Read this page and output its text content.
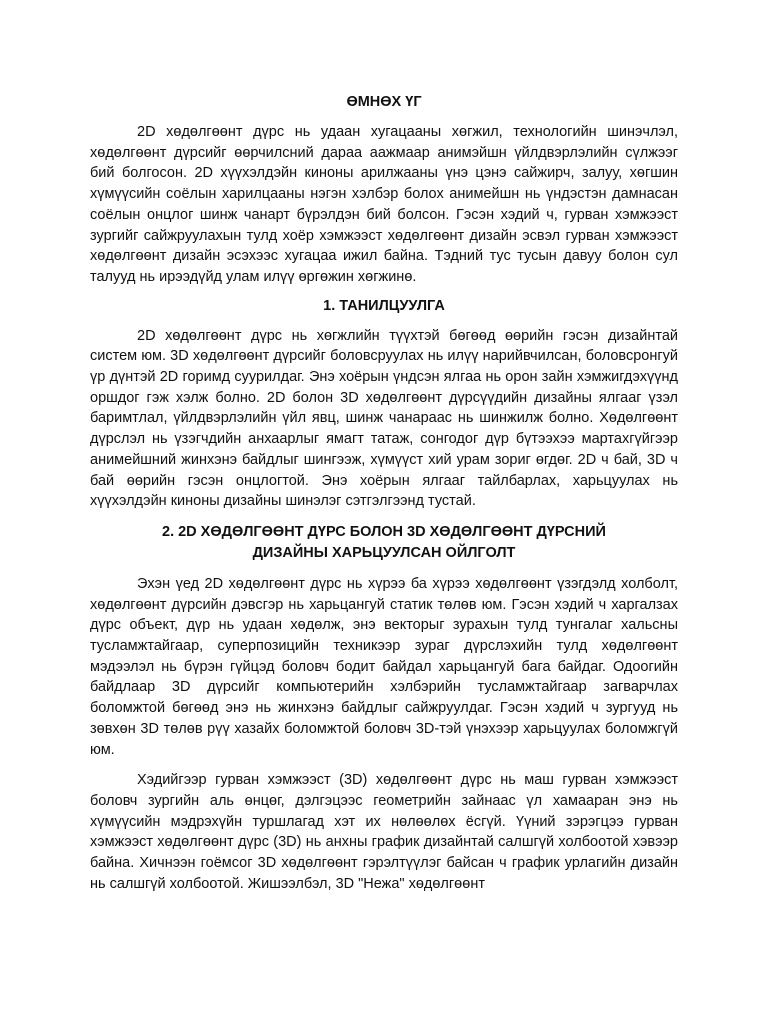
ӨМНӨХ ҮГ

2D хөдөлгөөнт дүрс нь удаан хугацааны хөгжил, технологийн шинэчлэл, хөдөлгөөнт дүрсийг өөрчилсний дараа аажмаар анимэйшн үйлдвэрлэлийн сүлжээг бий болгосон. 2D хүүхэлдэйн киноны арилжааны үнэ цэнэ сайжирч, залуу, хөгшин хүмүүсийн соёлын харилцааны нэгэн хэлбэр болох анимейшн нь үндэстэн дамнасан соёлын онцлог шинж чанарт бүрэлдэн бий болсон. Гэсэн хэдий ч, гурван хэмжээст зургийг сайжруулахын тулд хоёр хэмжээст хөдөлгөөнт дизайн эсвэл гурван хэмжээст хөдөлгөөнт дизайн эсэхээс хугацаа ижил байна. Тэдний тус тусын давуу болон сул талууд нь ирээдүйд улам илүү өргөжин хөгжинө.

1. ТАНИЛЦУУЛГА

2D хөдөлгөөнт дүрс нь хөгжлийн түүхтэй бөгөөд өөрийн гэсэн дизайнтай систем юм. 3D хөдөлгөөнт дүрсийг боловсруулах нь илүү нарийвчилсан, боловсронгуй үр дүнтэй 2D горимд суурилдаг. Энэ хоёрын үндсэн ялгаа нь орон зайн хэмжигдэхүүнд оршдог гэж хэлж болно. 2D болон 3D хөдөлгөөнт дүрсүүдийн дизайны ялгааг үзэл баримтлал, үйлдвэрлэлийн үйл явц, шинж чанараас нь шинжилж болно. Хөдөлгөөнт дүрслэл нь үзэгчдийн анхаарлыг ямагт татаж, сонгодог дүр бүтээхээ мартахгүйгээр анимейшний жинхэнэ байдлыг шингээж, хүмүүст хий урам зориг өгдөг. 2D ч бай, 3D ч бай өөрийн гэсэн онцлогтой. Энэ хоёрын ялгааг тайлбарлах, харьцуулах нь хүүхэлдэйн киноны дизайны шинэлэг сэтгэлгээнд тустай.

2. 2D ХӨДӨЛГӨӨНТ ДҮРС БОЛОН 3D ХӨДӨЛГӨӨНТ ДҮРСНИЙ
ДИЗАЙНЫ ХАРЬЦУУЛСАН ОЙЛГОЛТ

Эхэн үед 2D хөдөлгөөнт дүрс нь хүрээ ба хүрээ хөдөлгөөнт үзэгдэлд холболт, хөдөлгөөнт дүрсийн дэвсгэр нь харьцангуй статик төлөв юм. Гэсэн хэдий ч харгалзах дүрс объект, дүр нь удаан хөдөлж, энэ векторыг зурахын тулд тунгалаг хальсны тусламжтайгаар, суперпозицийн техникээр зураг дүрслэхийн тулд хөдөлгөөнт мэдээлэл нь бүрэн гүйцэд боловч бодит байдал харьцангуй бага байдаг. Одоогийн байдлаар 3D дүрсийг компьютерийн хэлбэрийн тусламжтайгаар загварчлах боломжтой бөгөөд энэ нь жинхэнэ байдлыг сайжруулдаг. Гэсэн хэдий ч зургууд нь зөвхөн 3D төлөв рүү хазайх боломжтой боловч 3D-тэй үнэхээр харьцуулах боломжгүй юм.

Хэдийгээр гурван хэмжээст (3D) хөдөлгөөнт дүрс нь маш гурван хэмжээст боловч зургийн аль өнцөг, дэлгэцээс геометрийн зайнаас үл хамааран энэ нь хүмүүсийн мэдрэхүйн туршлагад хэт их нөлөөлөх ёсгүй. Үүний зэрэгцээ гурван хэмжээст хөдөлгөөнт дүрс (3D) нь анхны график дизайнтай салшгүй холбоотой хэвээр байна. Хичнээн гоёмсог 3D хөдөлгөөнт гэрэлтүүлэг байсан ч график урлагийн дизайн нь салшгүй холбоотой. Жишээлбэл, 3D "Нежа" хөдөлгөөнт
